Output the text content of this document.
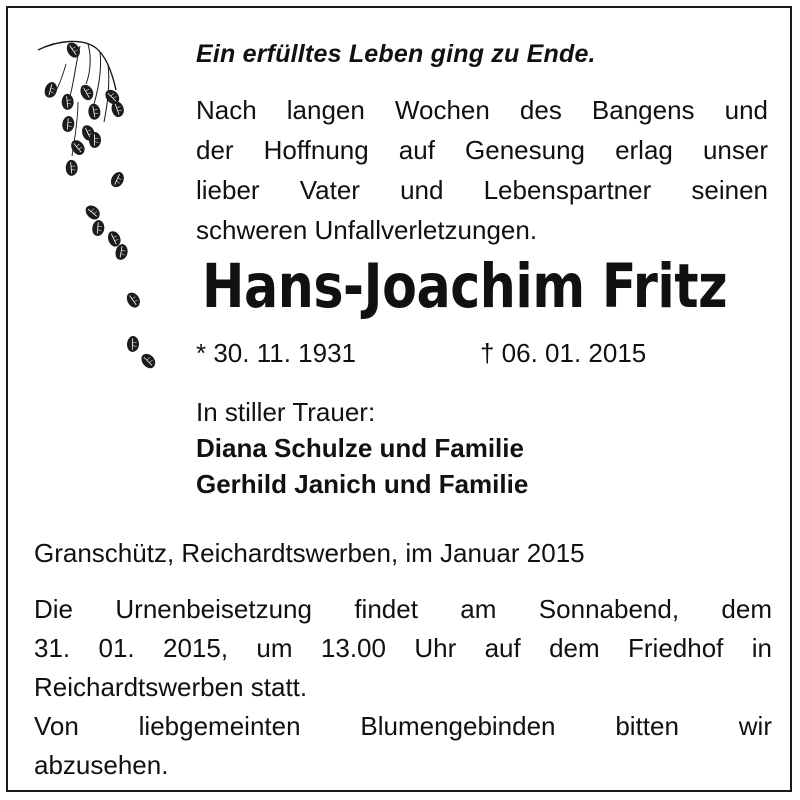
Ein erfülltes Leben ging zu Ende.
Nach langen Wochen des Bangens und
der Hoffnung auf Genesung erlag unser
lieber Vater und Lebenspartner seinen
schweren Unfallverletzungen.
Hans-Joachim Fritz
* 30. 11. 1931	† 06. 01. 2015
In stiller Trauer:
Diana Schulze und Familie
Gerhild Janich und Familie
Granschütz, Reichardtswerben, im Januar 2015
Die Urnenbeisetzung findet am Sonnabend, dem
31. 01. 2015, um 13.00 Uhr auf dem Friedhof in
Reichardtswerben statt.
Von liebgemeinten Blumengebinden bitten wir
abzusehen.
